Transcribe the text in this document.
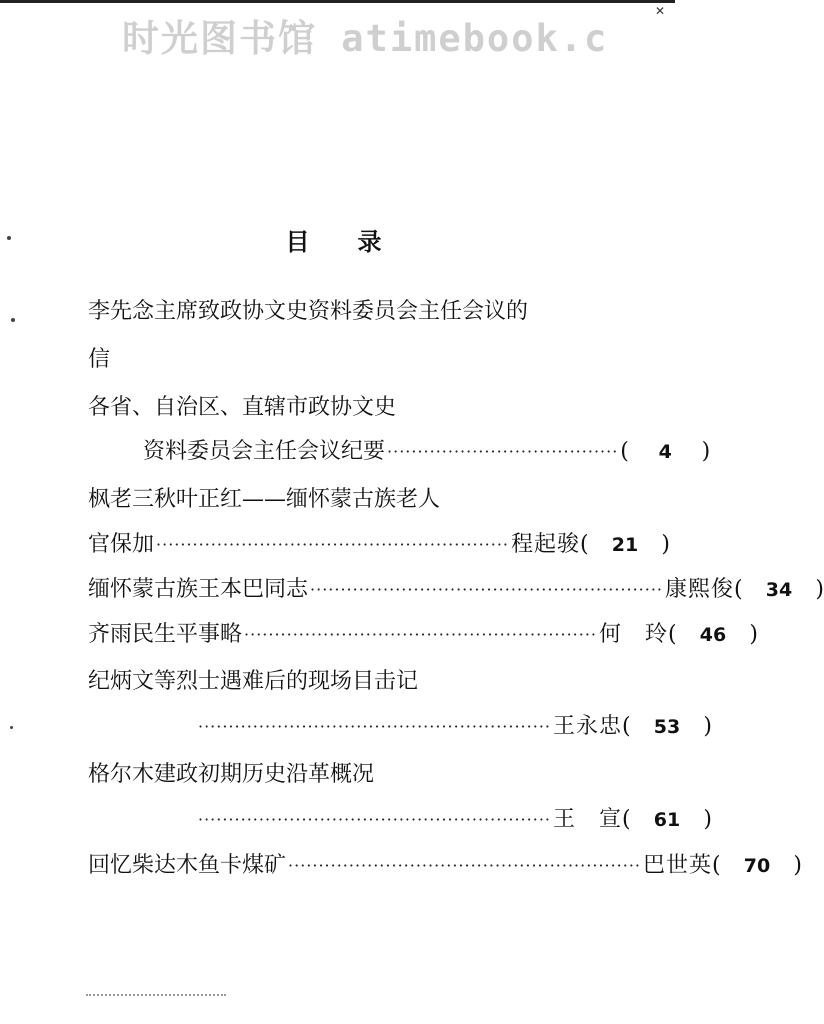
✕
时光图书馆 atimebook.c
目录
李先念主席致政协文史资料委员会主任会议的
信
各省、自治区、直辖市政协文史
资料委员会主任会议纪要 ······································ ( 4 )
枫老三秋叶正红——缅怀蒙古族老人
官保加 ·························································· 程起骏 ( 21 )
缅怀蒙古族王本巴同志 ·························································· 康熙俊 ( 34 )
齐雨民生平事略 ·························································· 何　玲 ( 46 )
纪炳文等烈士遇难后的现场目击记
·························································· 王永忠 ( 53 )
格尔木建政初期历史沿革概况
·························································· 王　宣 ( 61 )
回忆柴达木鱼卡煤矿 ·························································· 巴世英 ( 70 )
